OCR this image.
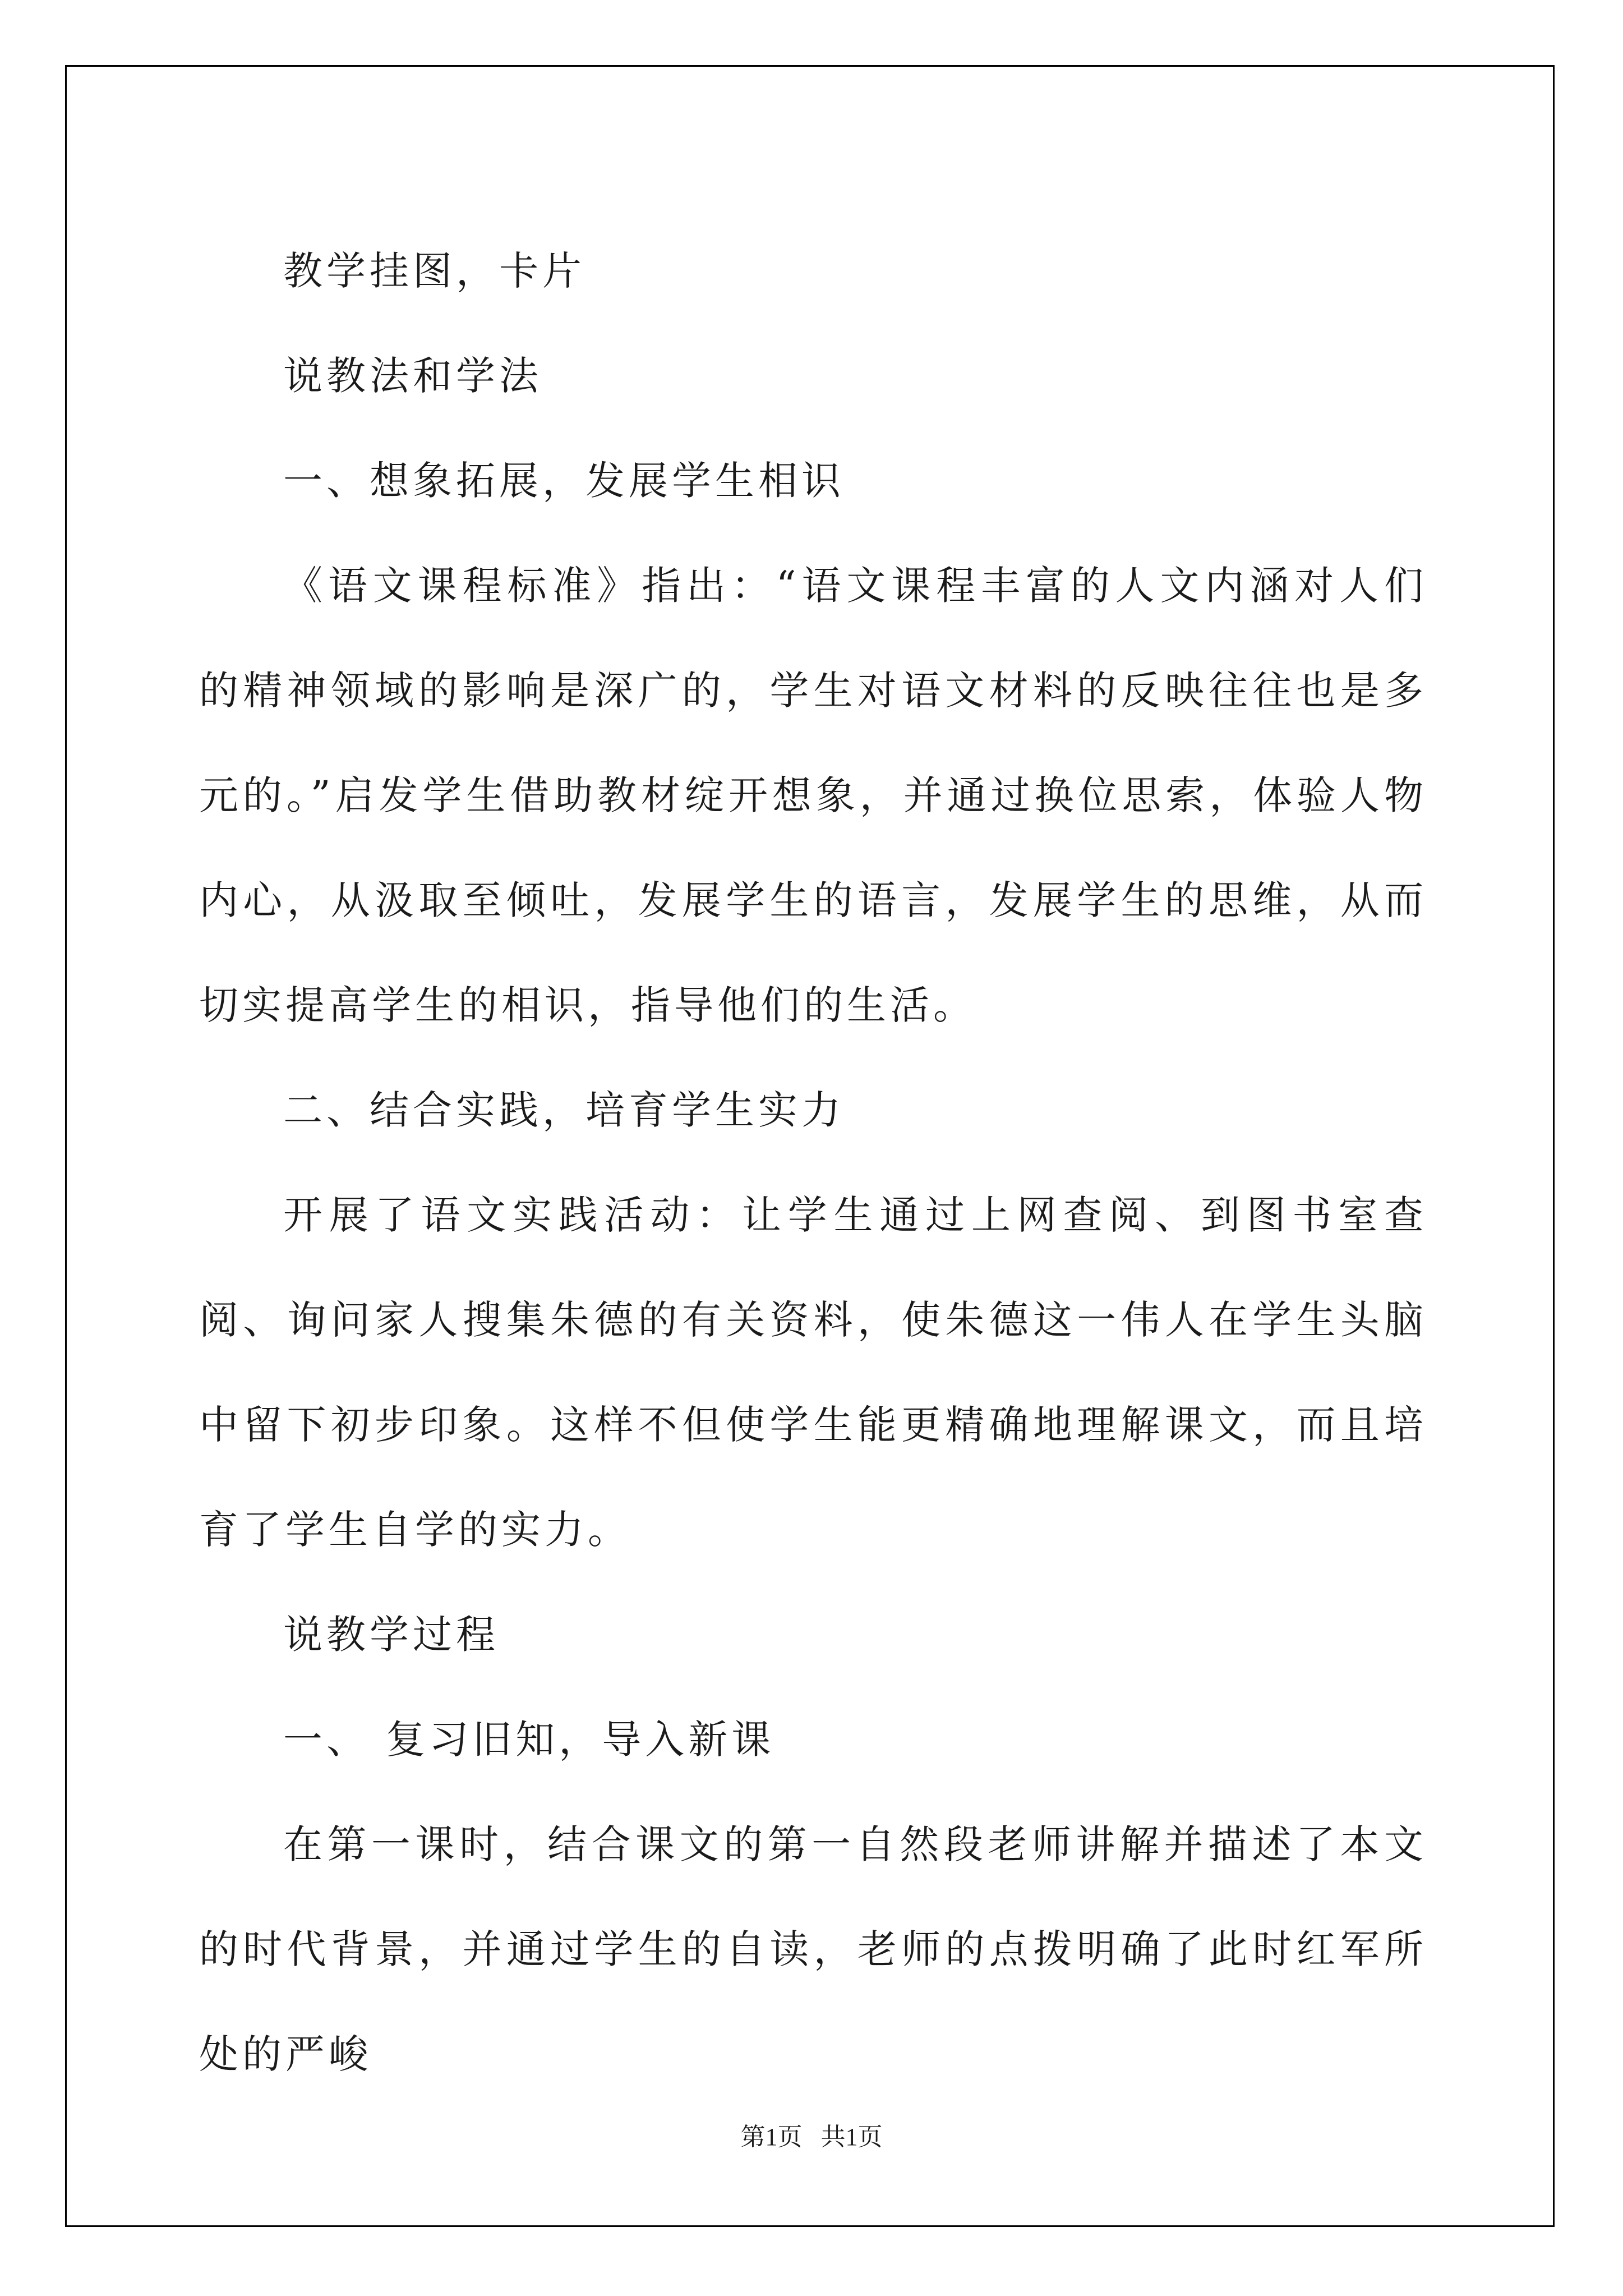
教学挂图，卡片

说教法和学法

一、想象拓展，发展学生相识

《语文课程标准》指出：“语文课程丰富的人文内涵对人们的精神领域的影响是深广的，学生对语文材料的反映往往也是多元的。”启发学生借助教材绽开想象，并通过换位思索，体验人物内心，从汲取至倾吐，发展学生的语言，发展学生的思维，从而切实提高学生的相识，指导他们的生活。

二、结合实践，培育学生实力

开展了语文实践活动：让学生通过上网查阅、到图书室查阅、询问家人搜集朱德的有关资料，使朱德这一伟人在学生头脑中留下初步印象。这样不但使学生能更精确地理解课文，而且培育了学生自学的实力。

说教学过程

一、 复习旧知，导入新课

在第一课时，结合课文的第一自然段老师讲解并描述了本文的时代背景，并通过学生的自读，老师的点拨明确了此时红军所处的严峻

第1页 共1页
